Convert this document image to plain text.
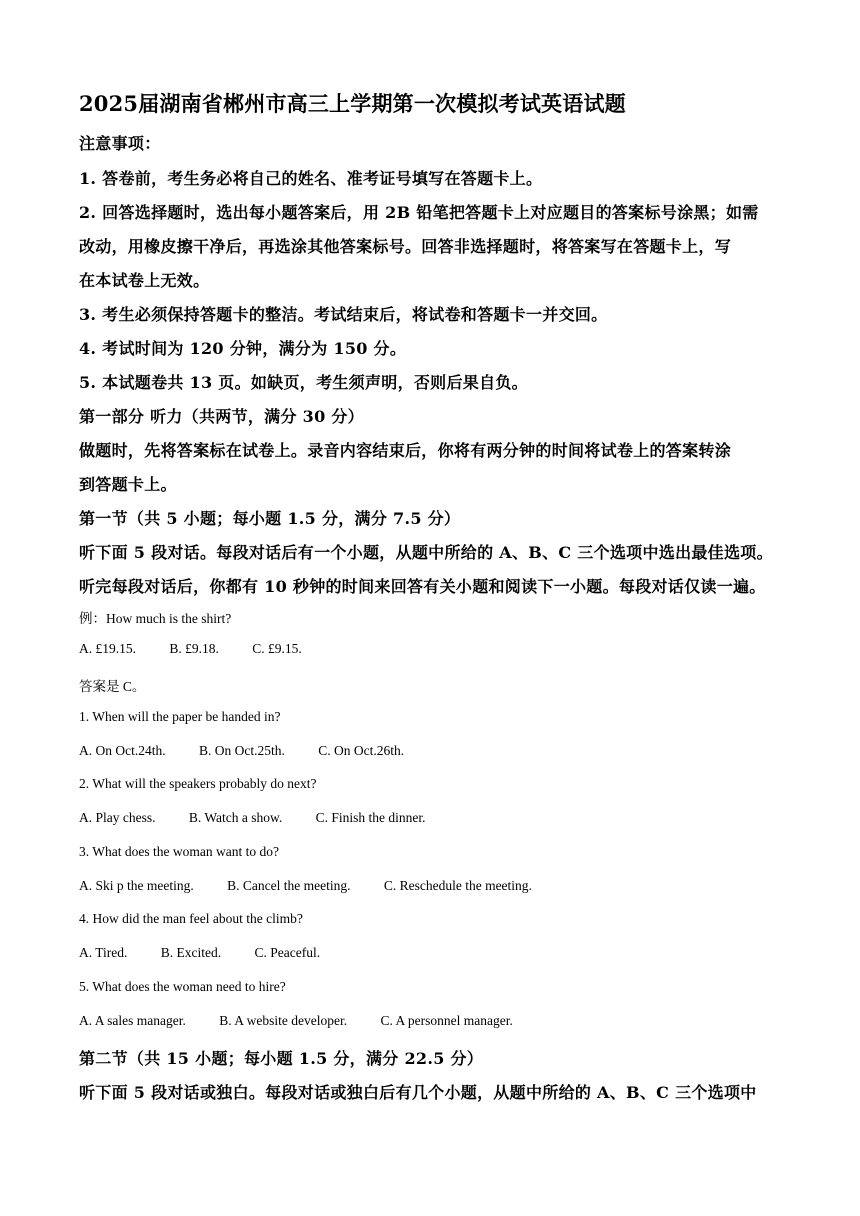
2025届湖南省郴州市高三上学期第一次模拟考试英语试题
注意事项：
1. 答卷前，考生务必将自己的姓名、准考证号填写在答题卡上。
2. 回答选择题时，选出每小题答案后，用 2B 铅笔把答题卡上对应题目的答案标号涂黑；如需
改动，用橡皮擦干净后，再选涂其他答案标号。回答非选择题时，将答案写在答题卡上，写
在本试卷上无效。
3. 考生必须保持答题卡的整洁。考试结束后，将试卷和答题卡一并交回。
4. 考试时间为 120 分钟，满分为 150 分。
5. 本试题卷共 13 页。如缺页，考生须声明，否则后果自负。
第一部分 听力（共两节，满分 30 分）
做题时，先将答案标在试卷上。录音内容结束后，你将有两分钟的时间将试卷上的答案转涂
到答题卡上。
第一节（共 5 小题；每小题 1.5 分，满分 7.5 分）
听下面 5 段对话。每段对话后有一个小题，从题中所给的 A、B、C 三个选项中选出最佳选项。
听完每段对话后，你都有 10 秒钟的时间来回答有关小题和阅读下一小题。每段对话仅读一遍。
例：How much is the shirt?
A. £19.15. B. £9.18. C. £9.15.
答案是 C。
1. When will the paper be handed in?
A. On Oct.24th. B. On Oct.25th. C. On Oct.26th.
2. What will the speakers probably do next?
A. Play chess. B. Watch a show. C. Finish the dinner.
3. What does the woman want to do?
A. Ski p the meeting. B. Cancel the meeting. C. Reschedule the meeting.
4. How did the man feel about the climb?
A. Tired. B. Excited. C. Peaceful.
5. What does the woman need to hire?
A. A sales manager. B. A website developer. C. A personnel manager.
第二节（共 15 小题；每小题 1.5 分，满分 22.5 分）
听下面 5 段对话或独白。每段对话或独白后有几个小题，从题中所给的 A、B、C 三个选项中
